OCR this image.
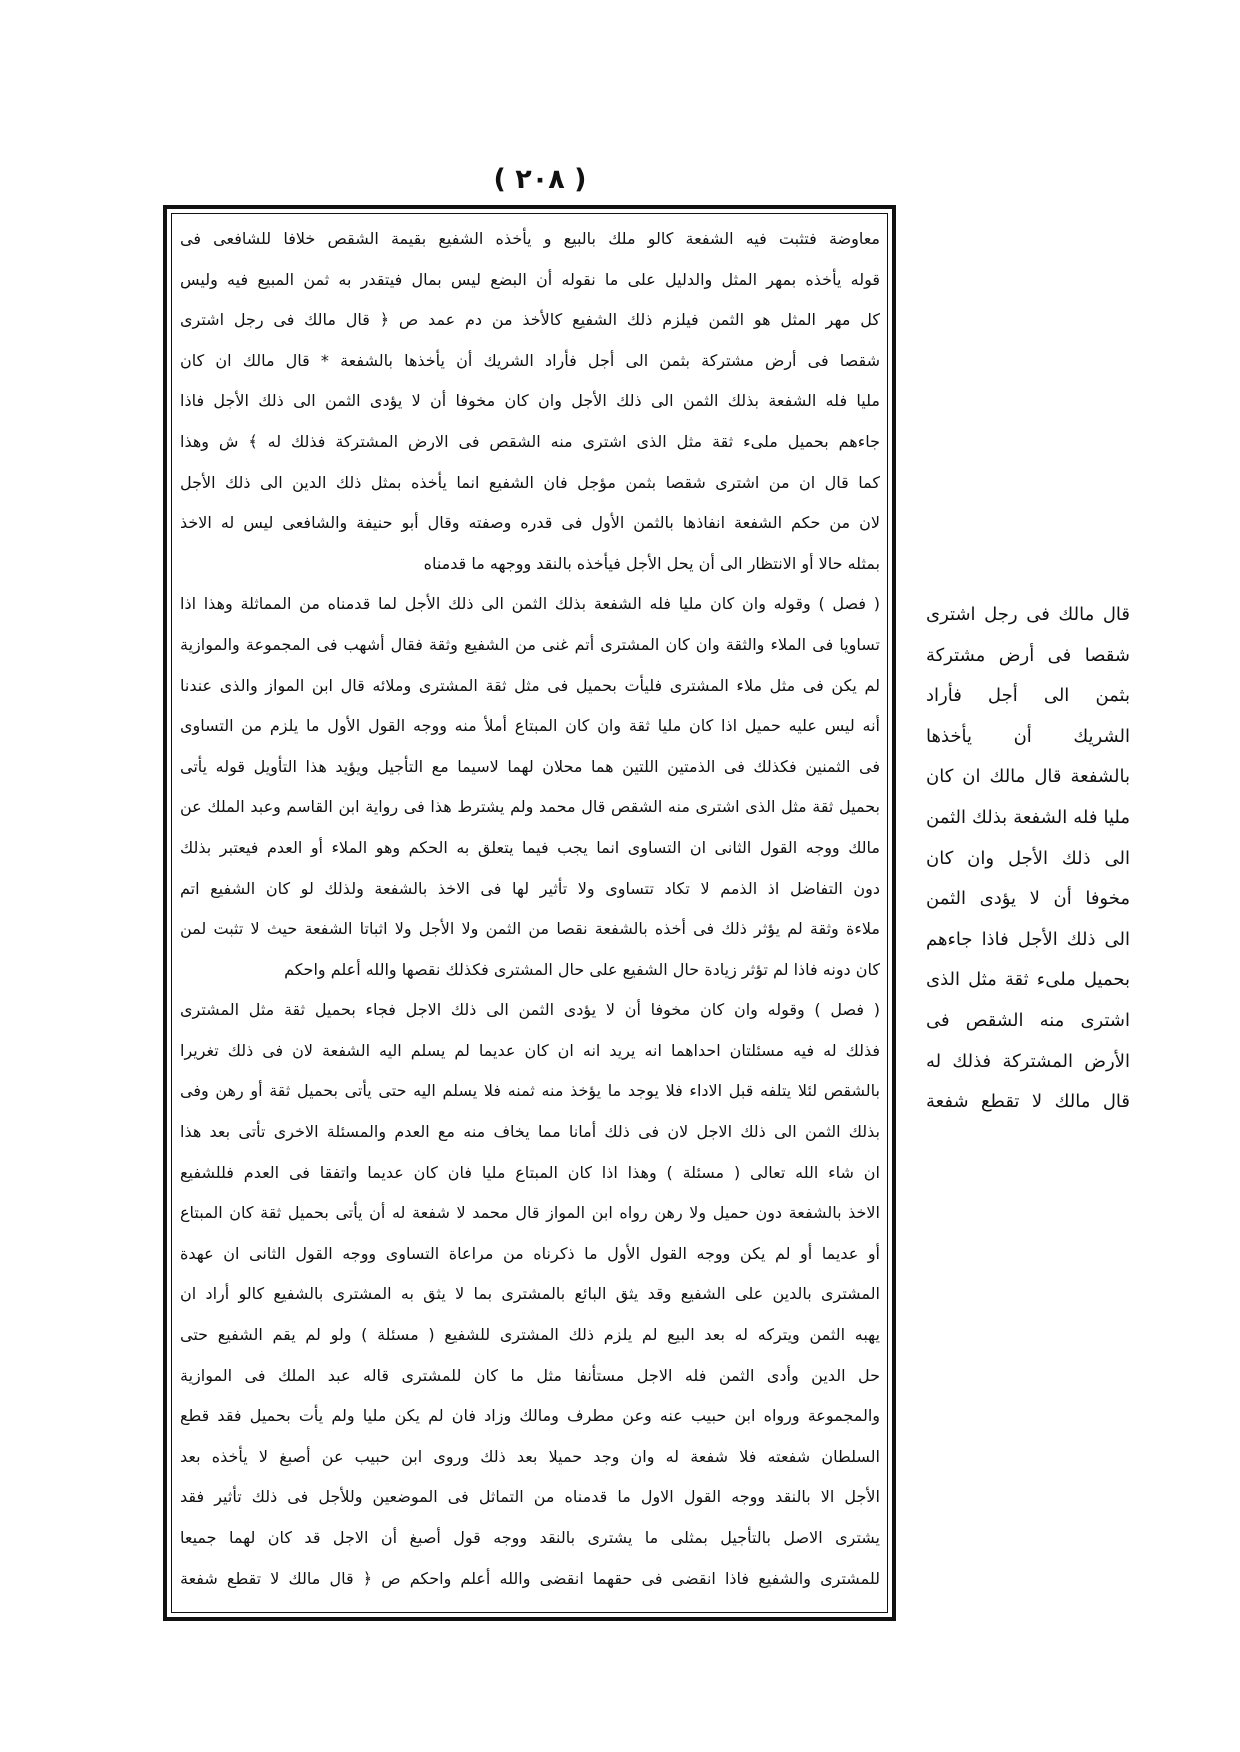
( ٢٠٨ )
معاوضة فتثبت فيه الشفعة كالو ملك بالبيع و يأخذه الشفيع بقيمة الشقص خلافا للشافعى فى
قوله يأخذه بمهر المثل والدليل على ما نقوله أن البضع ليس بمال فيتقدر به ثمن المبيع فيه وليس
كل مهر المثل هو الثمن فيلزم ذلك الشفيع كالأخذ من دم عمد ص ﴿ قال مالك فى رجل اشترى
شقصا فى أرض مشتركة بثمن الى أجل فأراد الشريك أن يأخذها بالشفعة * قال مالك ان كان
مليا فله الشفعة بذلك الثمن الى ذلك الأجل وان كان مخوفا أن لا يؤدى الثمن الى ذلك الأجل فاذا
جاءهم بحميل ملىء ثقة مثل الذى اشترى منه الشقص فى الارض المشتركة فذلك له ﴾ ش وهذا
كما قال ان من اشترى شقصا بثمن مؤجل فان الشفيع انما يأخذه بمثل ذلك الدين الى ذلك الأجل
لان من حكم الشفعة انفاذها بالثمن الأول فى قدره وصفته وقال أبو حنيفة والشافعى ليس له الاخذ
بمثله حالا أو الانتظار الى أن يحل الأجل فيأخذه بالنقد ووجهه ما قدمناه
( فصل ) وقوله وان كان مليا فله الشفعة بذلك الثمن الى ذلك الأجل لما قدمناه من المماثلة وهذا اذا
تساويا فى الملاء والثقة وان كان المشترى أتم غنى من الشفيع وثقة فقال أشهب فى المجموعة والموازية
لم يكن فى مثل ملاء المشترى فليأت بحميل فى مثل ثقة المشترى وملائه قال ابن المواز والذى عندنا
أنه ليس عليه حميل اذا كان مليا ثقة وان كان المبتاع أملأ منه ووجه القول الأول ما يلزم من التساوى
فى الثمنين فكذلك فى الذمتين اللتين هما محلان لهما لاسيما مع التأجيل ويؤيد هذا التأويل قوله يأتى
بحميل ثقة مثل الذى اشترى منه الشقص قال محمد ولم يشترط هذا فى رواية ابن القاسم وعبد الملك عن
مالك ووجه القول الثانى ان التساوى انما يجب فيما يتعلق به الحكم وهو الملاء أو العدم فيعتبر بذلك
دون التفاضل اذ الذمم لا تكاد تتساوى ولا تأثير لها فى الاخذ بالشفعة ولذلك لو كان الشفيع اتم
ملاءة وثقة لم يؤثر ذلك فى أخذه بالشفعة نقصا من الثمن ولا الأجل ولا اثباتا الشفعة حيث لا تثبت لمن
كان دونه فاذا لم تؤثر زيادة حال الشفيع على حال المشترى فكذلك نقصها والله أعلم واحكم
( فصل ) وقوله وان كان مخوفا أن لا يؤدى الثمن الى ذلك الاجل فجاء بحميل ثقة مثل المشترى
فذلك له فيه مسئلتان احداهما انه يريد انه ان كان عديما لم يسلم اليه الشفعة لان فى ذلك تغريرا
بالشقص لئلا يتلفه قبل الاداء فلا يوجد ما يؤخذ منه ثمنه فلا يسلم اليه حتى يأتى بحميل ثقة أو رهن وفى
بذلك الثمن الى ذلك الاجل لان فى ذلك أمانا مما يخاف منه مع العدم والمسئلة الاخرى تأتى بعد هذا
ان شاء الله تعالى ( مسئلة ) وهذا اذا كان المبتاع مليا فان كان عديما واتفقا فى العدم فللشفيع
الاخذ بالشفعة دون حميل ولا رهن رواه ابن المواز قال محمد لا شفعة له أن يأتى بحميل ثقة كان المبتاع
أو عديما أو لم يكن ووجه القول الأول ما ذكرناه من مراعاة التساوى ووجه القول الثانى ان عهدة
المشترى بالدين على الشفيع وقد يثق البائع بالمشترى بما لا يثق به المشترى بالشفيع كالو أراد ان
يهبه الثمن ويتركه له بعد البيع لم يلزم ذلك المشترى للشفيع ( مسئلة ) ولو لم يقم الشفيع حتى
حل الدين وأدى الثمن فله الاجل مستأنفا مثل ما كان للمشترى قاله عبد الملك فى الموازية
والمجموعة ورواه ابن حبيب عنه وعن مطرف ومالك وزاد فان لم يكن مليا ولم يأت بحميل فقد قطع
السلطان شفعته فلا شفعة له وان وجد حميلا بعد ذلك وروى ابن حبيب عن أصبغ لا يأخذه بعد
الأجل الا بالنقد ووجه القول الاول ما قدمناه من التماثل فى الموضعين وللأجل فى ذلك تأثير فقد
يشترى الاصل بالتأجيل بمثلى ما يشترى بالنقد ووجه قول أصبغ أن الاجل قد كان لهما جميعا
للمشترى والشفيع فاذا انقضى فى حقهما انقضى والله أعلم واحكم ص ﴿ قال مالك لا تقطع شفعة
قال مالك فى رجل اشترى
شقصا فى أرض مشتركة
بثمن الى أجل فأراد
الشريك أن يأخذها
بالشفعة قال مالك ان كان
مليا فله الشفعة بذلك الثمن
الى ذلك الأجل وان كان
مخوفا أن لا يؤدى الثمن
الى ذلك الأجل فاذا جاءهم
بحميل ملىء ثقة مثل الذى
اشترى منه الشقص فى
الأرض المشتركة فذلك له
قال مالك لا تقطع شفعة
